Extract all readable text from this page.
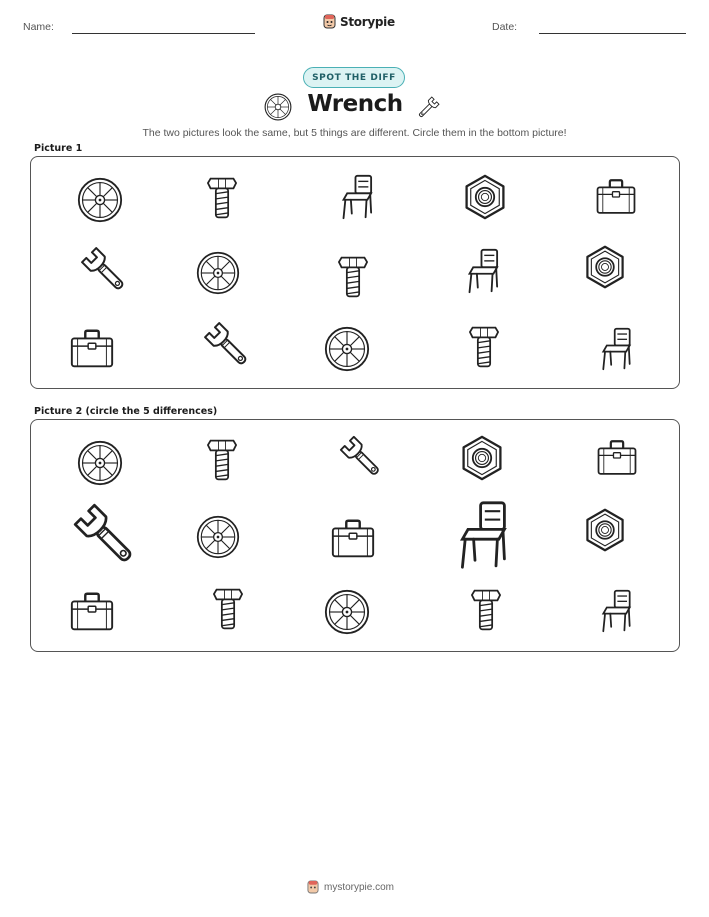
Name:	Storypie	Date:
SPOT THE DIFF
Wrench
The two pictures look the same, but 5 things are different. Circle them in the bottom picture!
Picture 1
Picture 2 (circle the 5 differences)
mystorypie.com
